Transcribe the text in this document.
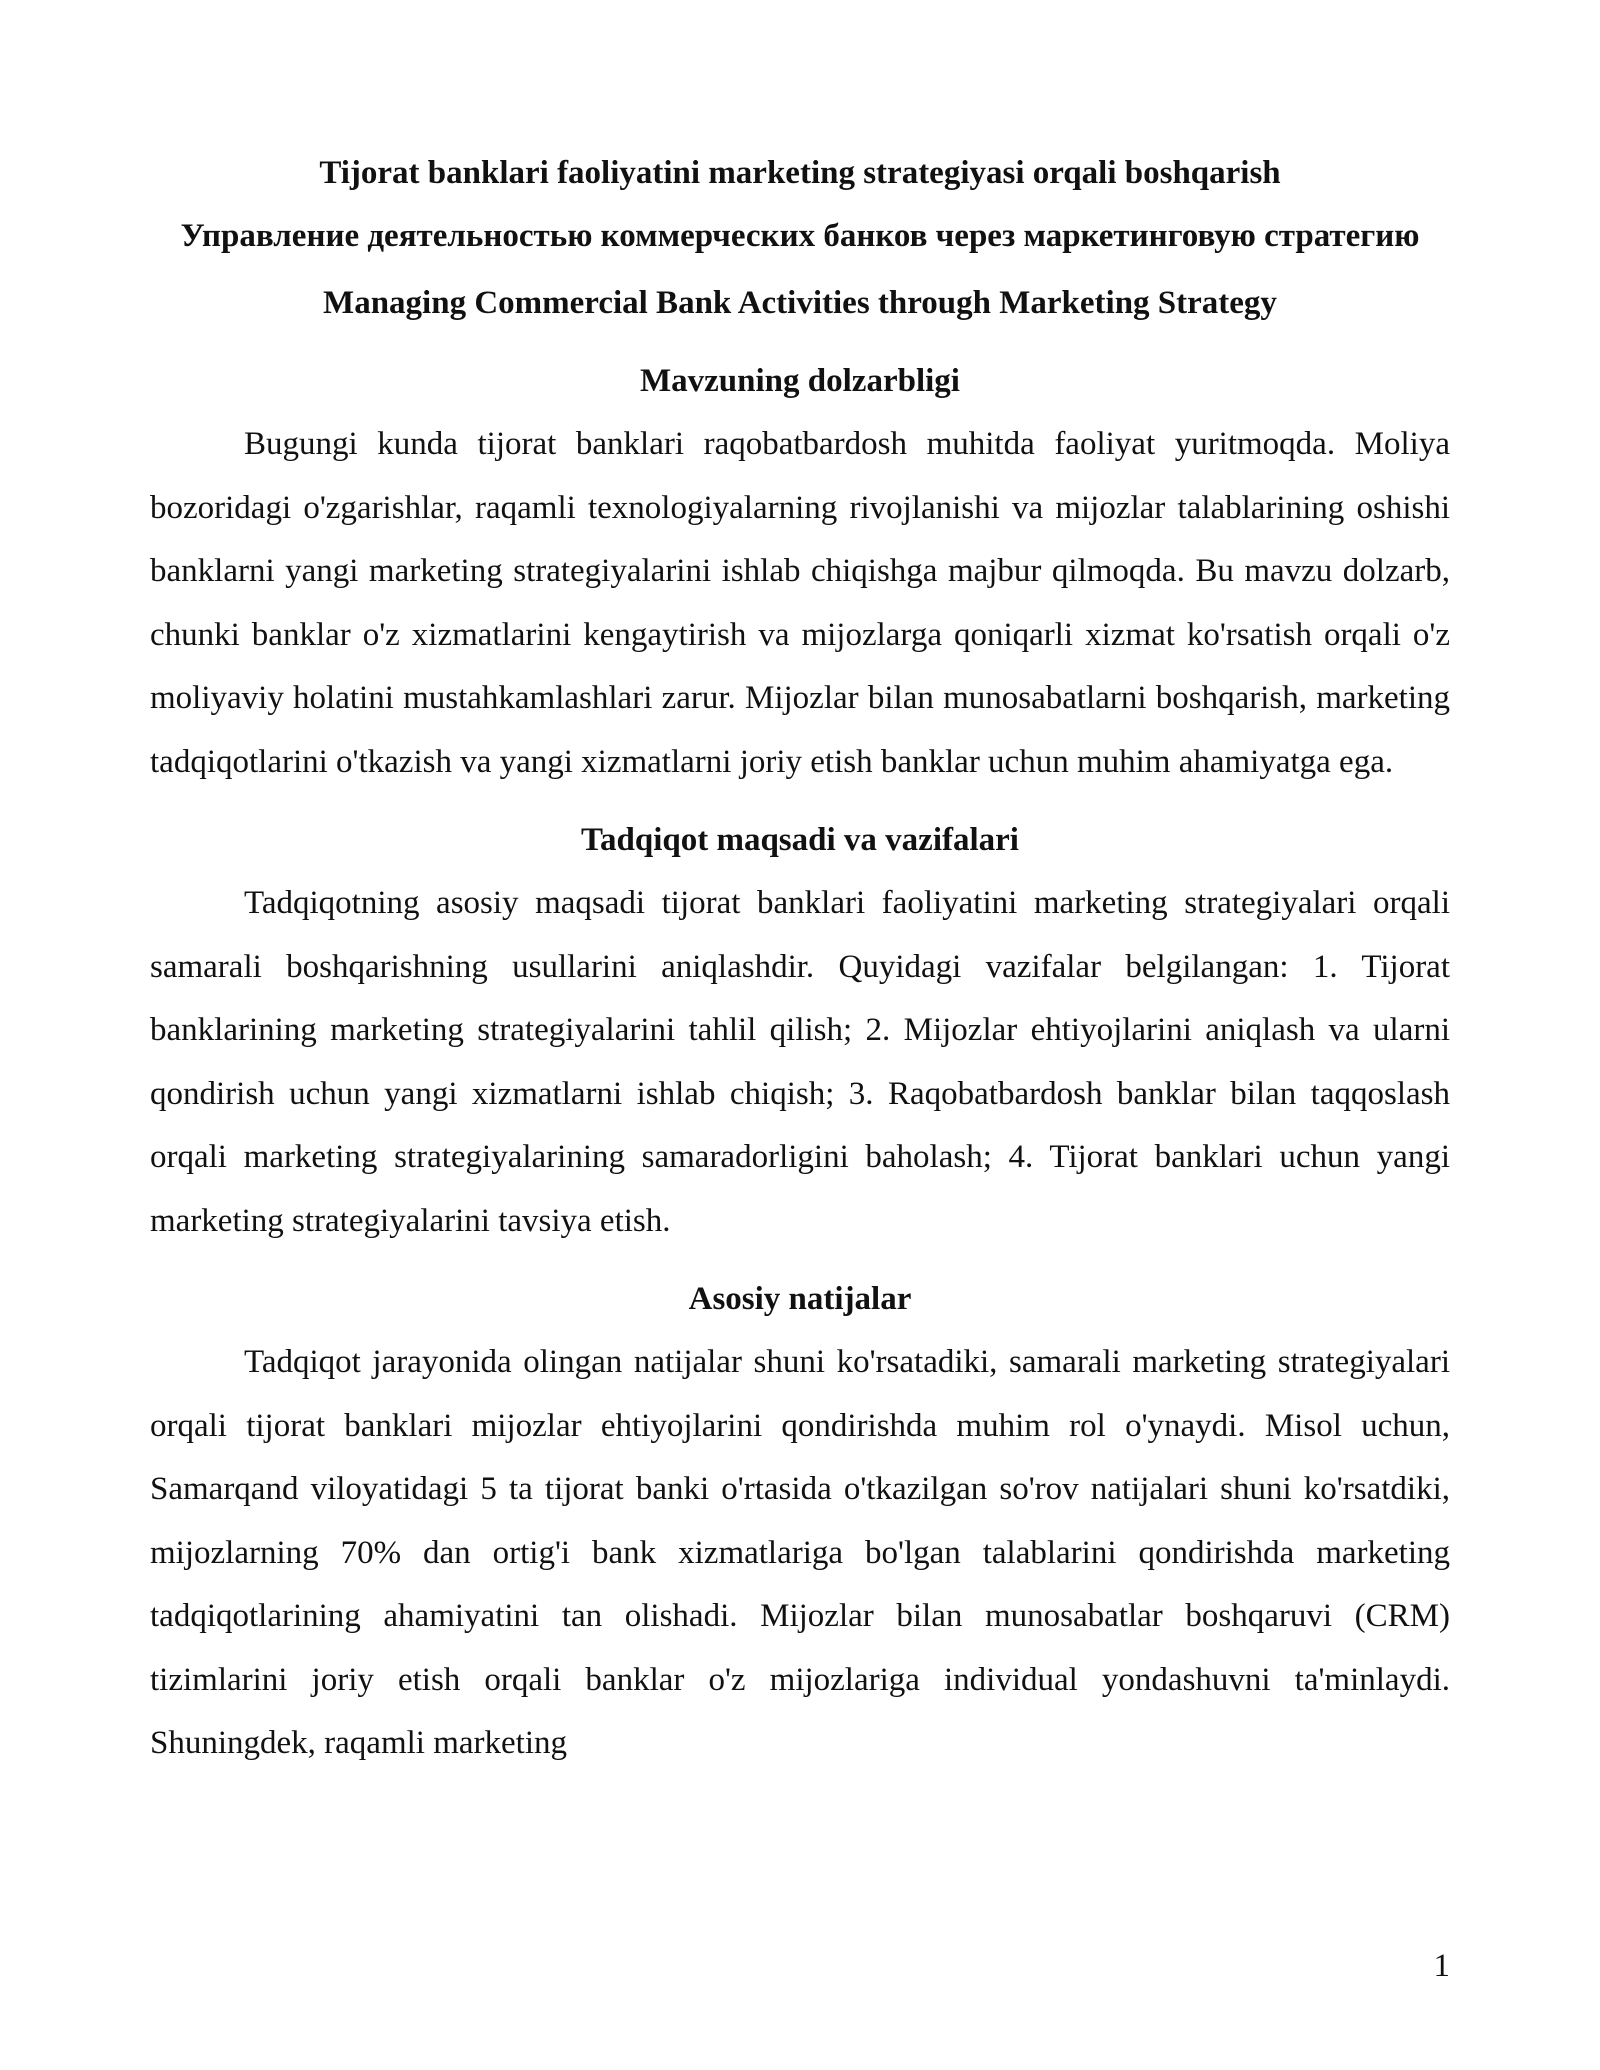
Tijorat banklari faoliyatini marketing strategiyasi orqali boshqarish

Управление деятельностью коммерческих банков через маркетинговую стратегию

Managing Commercial Bank Activities through Marketing Strategy

Mavzuning dolzarbligi

Bugungi kunda tijorat banklari raqobatbardosh muhitda faoliyat yuritmoqda. Moliya bozoridagi o'zgarishlar, raqamli texnologiyalarning rivojlanishi va mijozlar talablarining oshishi banklarni yangi marketing strategiyalarini ishlab chiqishga majbur qilmoqda. Bu mavzu dolzarb, chunki banklar o'z xizmatlarini kengaytirish va mijozlarga qoniqarli xizmat ko'rsatish orqali o'z moliyaviy holatini mustahkamlashlari zarur. Mijozlar bilan munosabatlarni boshqarish, marketing tadqiqotlarini o'tkazish va yangi xizmatlarni joriy etish banklar uchun muhim ahamiyatga ega.

Tadqiqot maqsadi va vazifalari

Tadqiqotning asosiy maqsadi tijorat banklari faoliyatini marketing strategiyalari orqali samarali boshqarishning usullarini aniqlashdir. Quyidagi vazifalar belgilangan: 1. Tijorat banklarining marketing strategiyalarini tahlil qilish; 2. Mijozlar ehtiyojlarini aniqlash va ularni qondirish uchun yangi xizmatlarni ishlab chiqish; 3. Raqobatbardosh banklar bilan taqqoslash orqali marketing strategiyalarining samaradorligini baholash; 4. Tijorat banklari uchun yangi marketing strategiyalarini tavsiya etish.

Asosiy natijalar

Tadqiqot jarayonida olingan natijalar shuni ko'rsatadiki, samarali marketing strategiyalari orqali tijorat banklari mijozlar ehtiyojlarini qondirishda muhim rol o'ynaydi. Misol uchun, Samarqand viloyatidagi 5 ta tijorat banki o'rtasida o'tkazilgan so'rov natijalari shuni ko'rsatdiki, mijozlarning 70% dan ortig'i bank xizmatlariga bo'lgan talablarini qondirishda marketing tadqiqotlarining ahamiyatini tan olishadi. Mijozlar bilan munosabatlar boshqaruvi (CRM) tizimlarini joriy etish orqali banklar o'z mijozlariga individual yondashuvni ta'minlaydi. Shuningdek, raqamli marketing

1
